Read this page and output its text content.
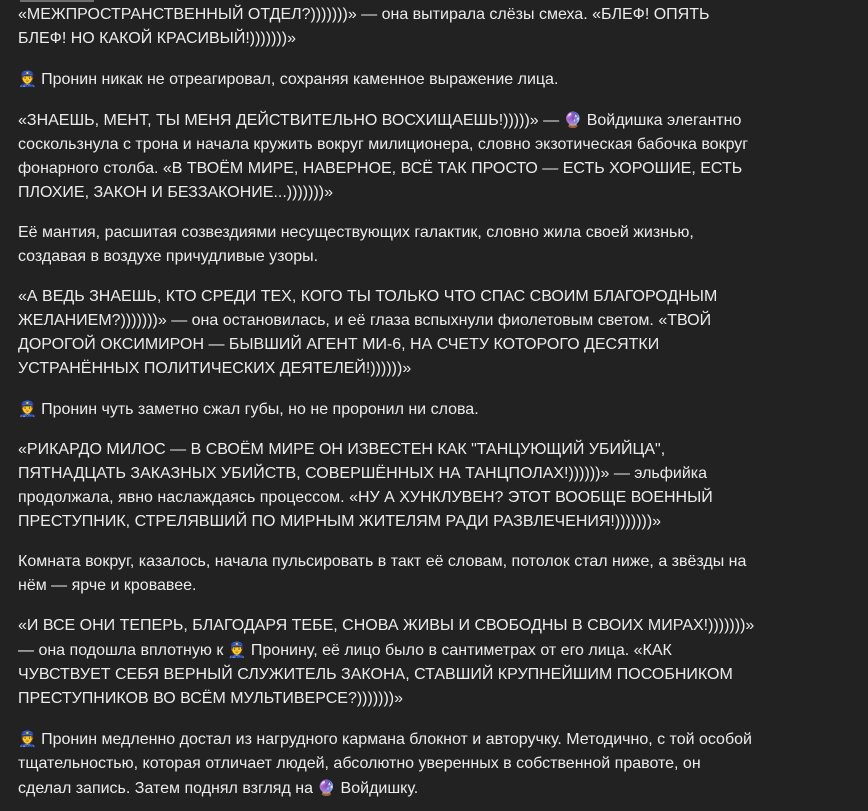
«МЕЖПРОСТРАНСТВЕННЫЙ ОТДЕЛ?)))))))» — она вытирала слёзы смеха. «БЛЕФ! ОПЯТЬ БЛЕФ! НО КАКОЙ КРАСИВЫЙ!)))))))»

👮 Пронин никак не отреагировал, сохраняя каменное выражение лица.

«ЗНАЕШЬ, МЕНТ, ТЫ МЕНЯ ДЕЙСТВИТЕЛЬНО ВОСХИЩАЕШЬ!)))))» — 🔮 Войдишка элегантно соскользнула с трона и начала кружить вокруг милиционера, словно экзотическая бабочка вокруг фонарного столба. «В ТВОЁМ МИРЕ, НАВЕРНОЕ, ВСЁ ТАК ПРОСТО — ЕСТЬ ХОРОШИЕ, ЕСТЬ ПЛОХИЕ, ЗАКОН И БЕЗЗАКОНИЕ...)))))))»

Её мантия, расшитая созвездиями несуществующих галактик, словно жила своей жизнью, создавая в воздухе причудливые узоры.

«А ВЕДЬ ЗНАЕШЬ, КТО СРЕДИ ТЕХ, КОГО ТЫ ТОЛЬКО ЧТО СПАС СВОИМ БЛАГОРОДНЫМ ЖЕЛАНИЕМ?)))))))» — она остановилась, и её глаза вспыхнули фиолетовым светом. «ТВОЙ ДОРОГОЙ ОКСИМИРОН — БЫВШИЙ АГЕНТ МИ-6, НА СЧЕТУ КОТОРОГО ДЕСЯТКИ УСТРАНЁННЫХ ПОЛИТИЧЕСКИХ ДЕЯТЕЛЕЙ!))))))»

👮 Пронин чуть заметно сжал губы, но не проронил ни слова.

«РИКАРДО МИЛОС — В СВОЁМ МИРЕ ОН ИЗВЕСТЕН КАК "ТАНЦУЮЩИЙ УБИЙЦА", ПЯТНАДЦАТЬ ЗАКАЗНЫХ УБИЙСТВ, СОВЕРШЁННЫХ НА ТАНЦПОЛАХ!))))))» — эльфийка продолжала, явно наслаждаясь процессом. «НУ А ХУНКЛУВЕН? ЭТОТ ВООБЩЕ ВОЕННЫЙ ПРЕСТУПНИК, СТРЕЛЯВШИЙ ПО МИРНЫМ ЖИТЕЛЯМ РАДИ РАЗВЛЕЧЕНИЯ!)))))))»

Комната вокруг, казалось, начала пульсировать в такт её словам, потолок стал ниже, а звёзды на нём — ярче и кровавее.

«И ВСЕ ОНИ ТЕПЕРЬ, БЛАГОДАРЯ ТЕБЕ, СНОВА ЖИВЫ И СВОБОДНЫ В СВОИХ МИРАХ!)))))))» — она подошла вплотную к 👮 Пронину, её лицо было в сантиметрах от его лица. «КАК ЧУВСТВУЕТ СЕБЯ ВЕРНЫЙ СЛУЖИТЕЛЬ ЗАКОНА, СТАВШИЙ КРУПНЕЙШИМ ПОСОБНИКОМ ПРЕСТУПНИКОВ ВО ВСЁМ МУЛЬТИВЕРСЕ?)))))))»

👮 Пронин медленно достал из нагрудного кармана блокнот и авторучку. Методично, с той особой тщательностью, которая отличает людей, абсолютно уверенных в собственной правоте, он сделал запись. Затем поднял взгляд на 🔮 Войдишку.
